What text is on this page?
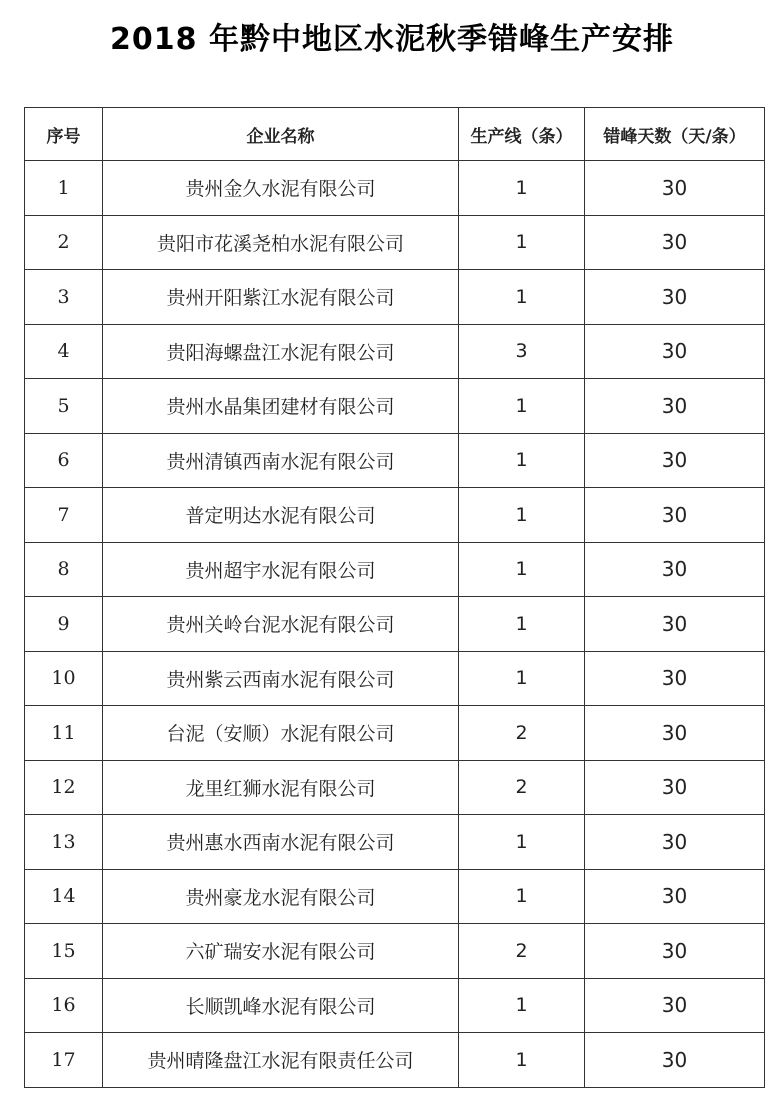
2018 年黔中地区水泥秋季错峰生产安排
序号	企业名称	生产线（条）	错峰天数（天/条）
1	贵州金久水泥有限公司	1	30
2	贵阳市花溪尧柏水泥有限公司	1	30
3	贵州开阳紫江水泥有限公司	1	30
4	贵阳海螺盘江水泥有限公司	3	30
5	贵州水晶集团建材有限公司	1	30
6	贵州清镇西南水泥有限公司	1	30
7	普定明达水泥有限公司	1	30
8	贵州超宇水泥有限公司	1	30
9	贵州关岭台泥水泥有限公司	1	30
10	贵州紫云西南水泥有限公司	1	30
11	台泥（安顺）水泥有限公司	2	30
12	龙里红狮水泥有限公司	2	30
13	贵州惠水西南水泥有限公司	1	30
14	贵州豪龙水泥有限公司	1	30
15	六矿瑞安水泥有限公司	2	30
16	长顺凯峰水泥有限公司	1	30
17	贵州晴隆盘江水泥有限责任公司	1	30
